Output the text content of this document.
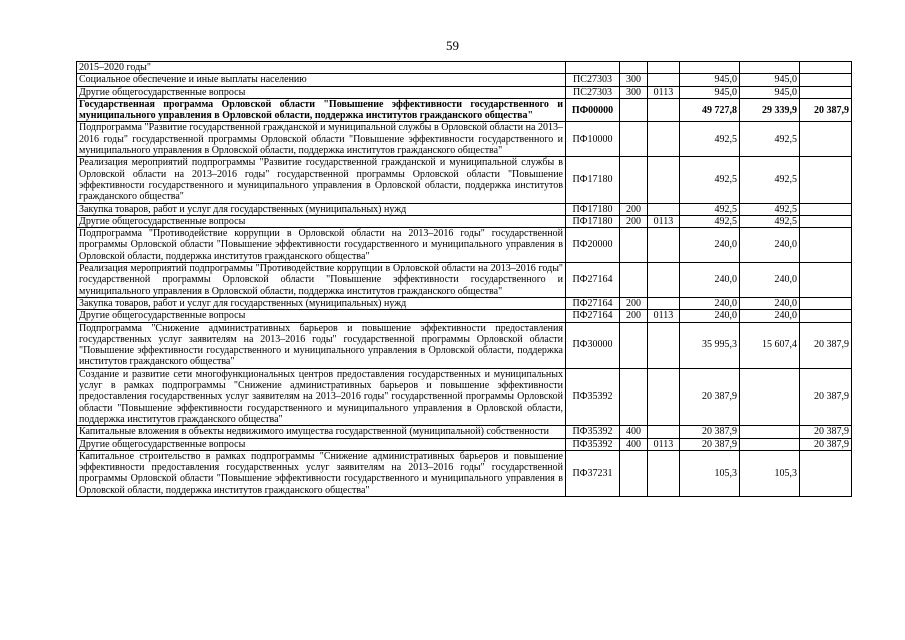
59
2015–2020 годы"						
Социальное обеспечение и иные выплаты населению	ПС27303	300		945,0	945,0	
Другие общегосударственные вопросы	ПС27303	300	0113	945,0	945,0	
Государственная программа Орловской области "Повышение эффективности государственного и муниципального управления в Орловской области, поддержка институтов гражданского общества"	ПФ00000			49 727,8	29 339,9	20 387,9
Подпрограмма "Развитие государственной гражданской и муниципальной службы в Орловской области на 2013–2016 годы" государственной программы Орловской области "Повышение эффективности государственного и муниципального управления в Орловской области, поддержка институтов гражданского общества"	ПФ10000			492,5	492,5	
Реализация мероприятий подпрограммы "Развитие государственной гражданской и муниципальной службы в Орловской области на 2013–2016 годы" государственной программы Орловской области "Повышение эффективности государственного и муниципального управления в Орловской области, поддержка институтов гражданского общества"	ПФ17180			492,5	492,5	
Закупка товаров, работ и услуг для государственных (муниципальных) нужд	ПФ17180	200		492,5	492,5	
Другие общегосударственные вопросы	ПФ17180	200	0113	492,5	492,5	
Подпрограмма "Противодействие коррупции в Орловской области на 2013–2016 годы" государственной программы Орловской области "Повышение эффективности государственного и муниципального управления в Орловской области, поддержка институтов гражданского общества"	ПФ20000			240,0	240,0	
Реализация мероприятий подпрограммы "Противодействие коррупции в Орловской области на 2013–2016 годы" государственной программы Орловской области "Повышение эффективности государственного и муниципального управления в Орловской области, поддержка институтов гражданского общества"	ПФ27164			240,0	240,0	
Закупка товаров, работ и услуг для государственных (муниципальных) нужд	ПФ27164	200		240,0	240,0	
Другие общегосударственные вопросы	ПФ27164	200	0113	240,0	240,0	
Подпрограмма "Снижение административных барьеров и повышение эффективности предоставления государственных услуг заявителям на 2013–2016 годы" государственной программы Орловской области "Повышение эффективности государственного и муниципального управления в Орловской области, поддержка институтов гражданского общества"	ПФ30000			35 995,3	15 607,4	20 387,9
Создание и развитие сети многофункциональных центров предоставления государственных и муниципальных услуг в рамках подпрограммы "Снижение административных барьеров и повышение эффективности предоставления государственных услуг заявителям на 2013–2016 годы" государственной программы Орловской области "Повышение эффективности государственного и муниципального управления в Орловской области, поддержка институтов гражданского общества"	ПФ35392			20 387,9		20 387,9
Капитальные вложения в объекты недвижимого имущества государственной (муниципальной) собственности	ПФ35392	400		20 387,9		20 387,9
Другие общегосударственные вопросы	ПФ35392	400	0113	20 387,9		20 387,9
Капитальное строительство в рамках подпрограммы "Снижение административных барьеров и повышение эффективности предоставления государственных услуг заявителям на 2013–2016 годы" государственной программы Орловской области "Повышение эффективности государственного и муниципального управления в Орловской области, поддержка институтов гражданского общества"	ПФ37231			105,3	105,3	
